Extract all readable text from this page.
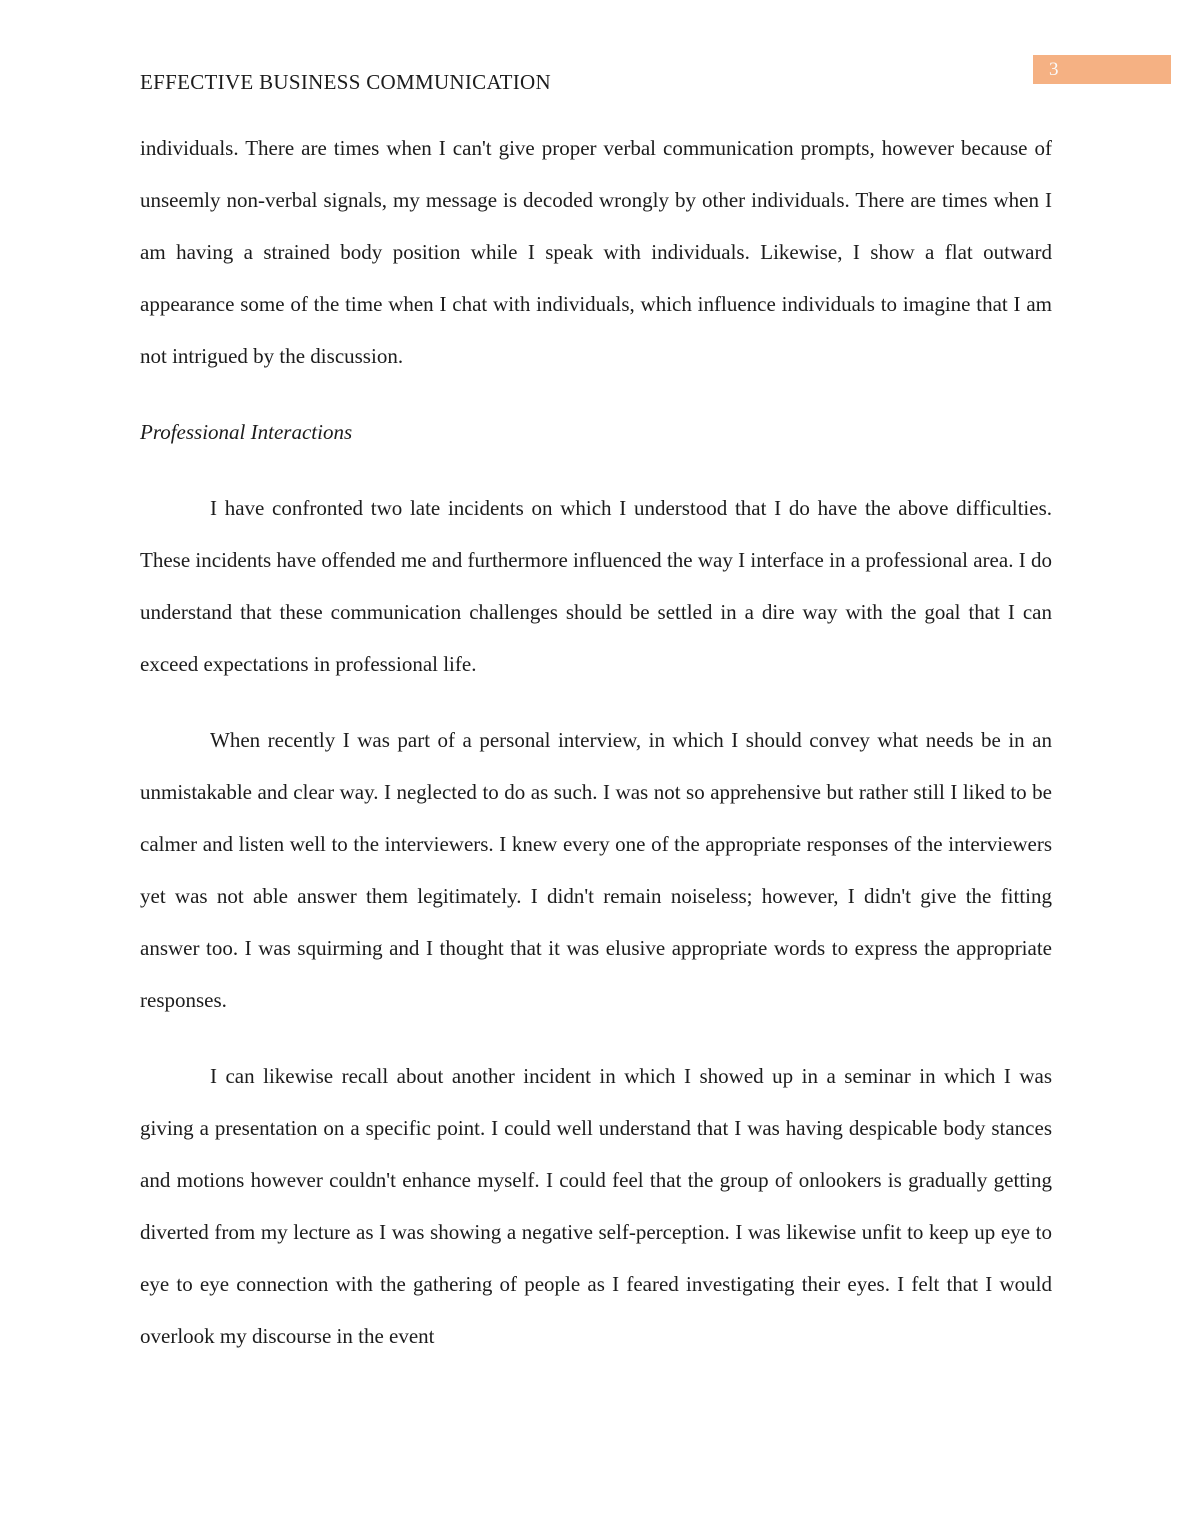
EFFECTIVE BUSINESS COMMUNICATION
3

individuals. There are times when I can't give proper verbal communication prompts, however because of unseemly non-verbal signals, my message is decoded wrongly by other individuals. There are times when I am having a strained body position while I speak with individuals. Likewise, I show a flat outward appearance some of the time when I chat with individuals, which influence individuals to imagine that I am not intrigued by the discussion.

Professional Interactions

I have confronted two late incidents on which I understood that I do have the above difficulties. These incidents have offended me and furthermore influenced the way I interface in a professional area. I do understand that these communication challenges should be settled in a dire way with the goal that I can exceed expectations in professional life.

When recently I was part of a personal interview, in which I should convey what needs be in an unmistakable and clear way. I neglected to do as such. I was not so apprehensive but rather still I liked to be calmer and listen well to the interviewers. I knew every one of the appropriate responses of the interviewers yet was not able answer them legitimately. I didn't remain noiseless; however, I didn't give the fitting answer too. I was squirming and I thought that it was elusive appropriate words to express the appropriate responses.

I can likewise recall about another incident in which I showed up in a seminar in which I was giving a presentation on a specific point. I could well understand that I was having despicable body stances and motions however couldn't enhance myself. I could feel that the group of onlookers is gradually getting diverted from my lecture as I was showing a negative self-perception. I was likewise unfit to keep up eye to eye to eye connection with the gathering of people as I feared investigating their eyes. I felt that I would overlook my discourse in the event
